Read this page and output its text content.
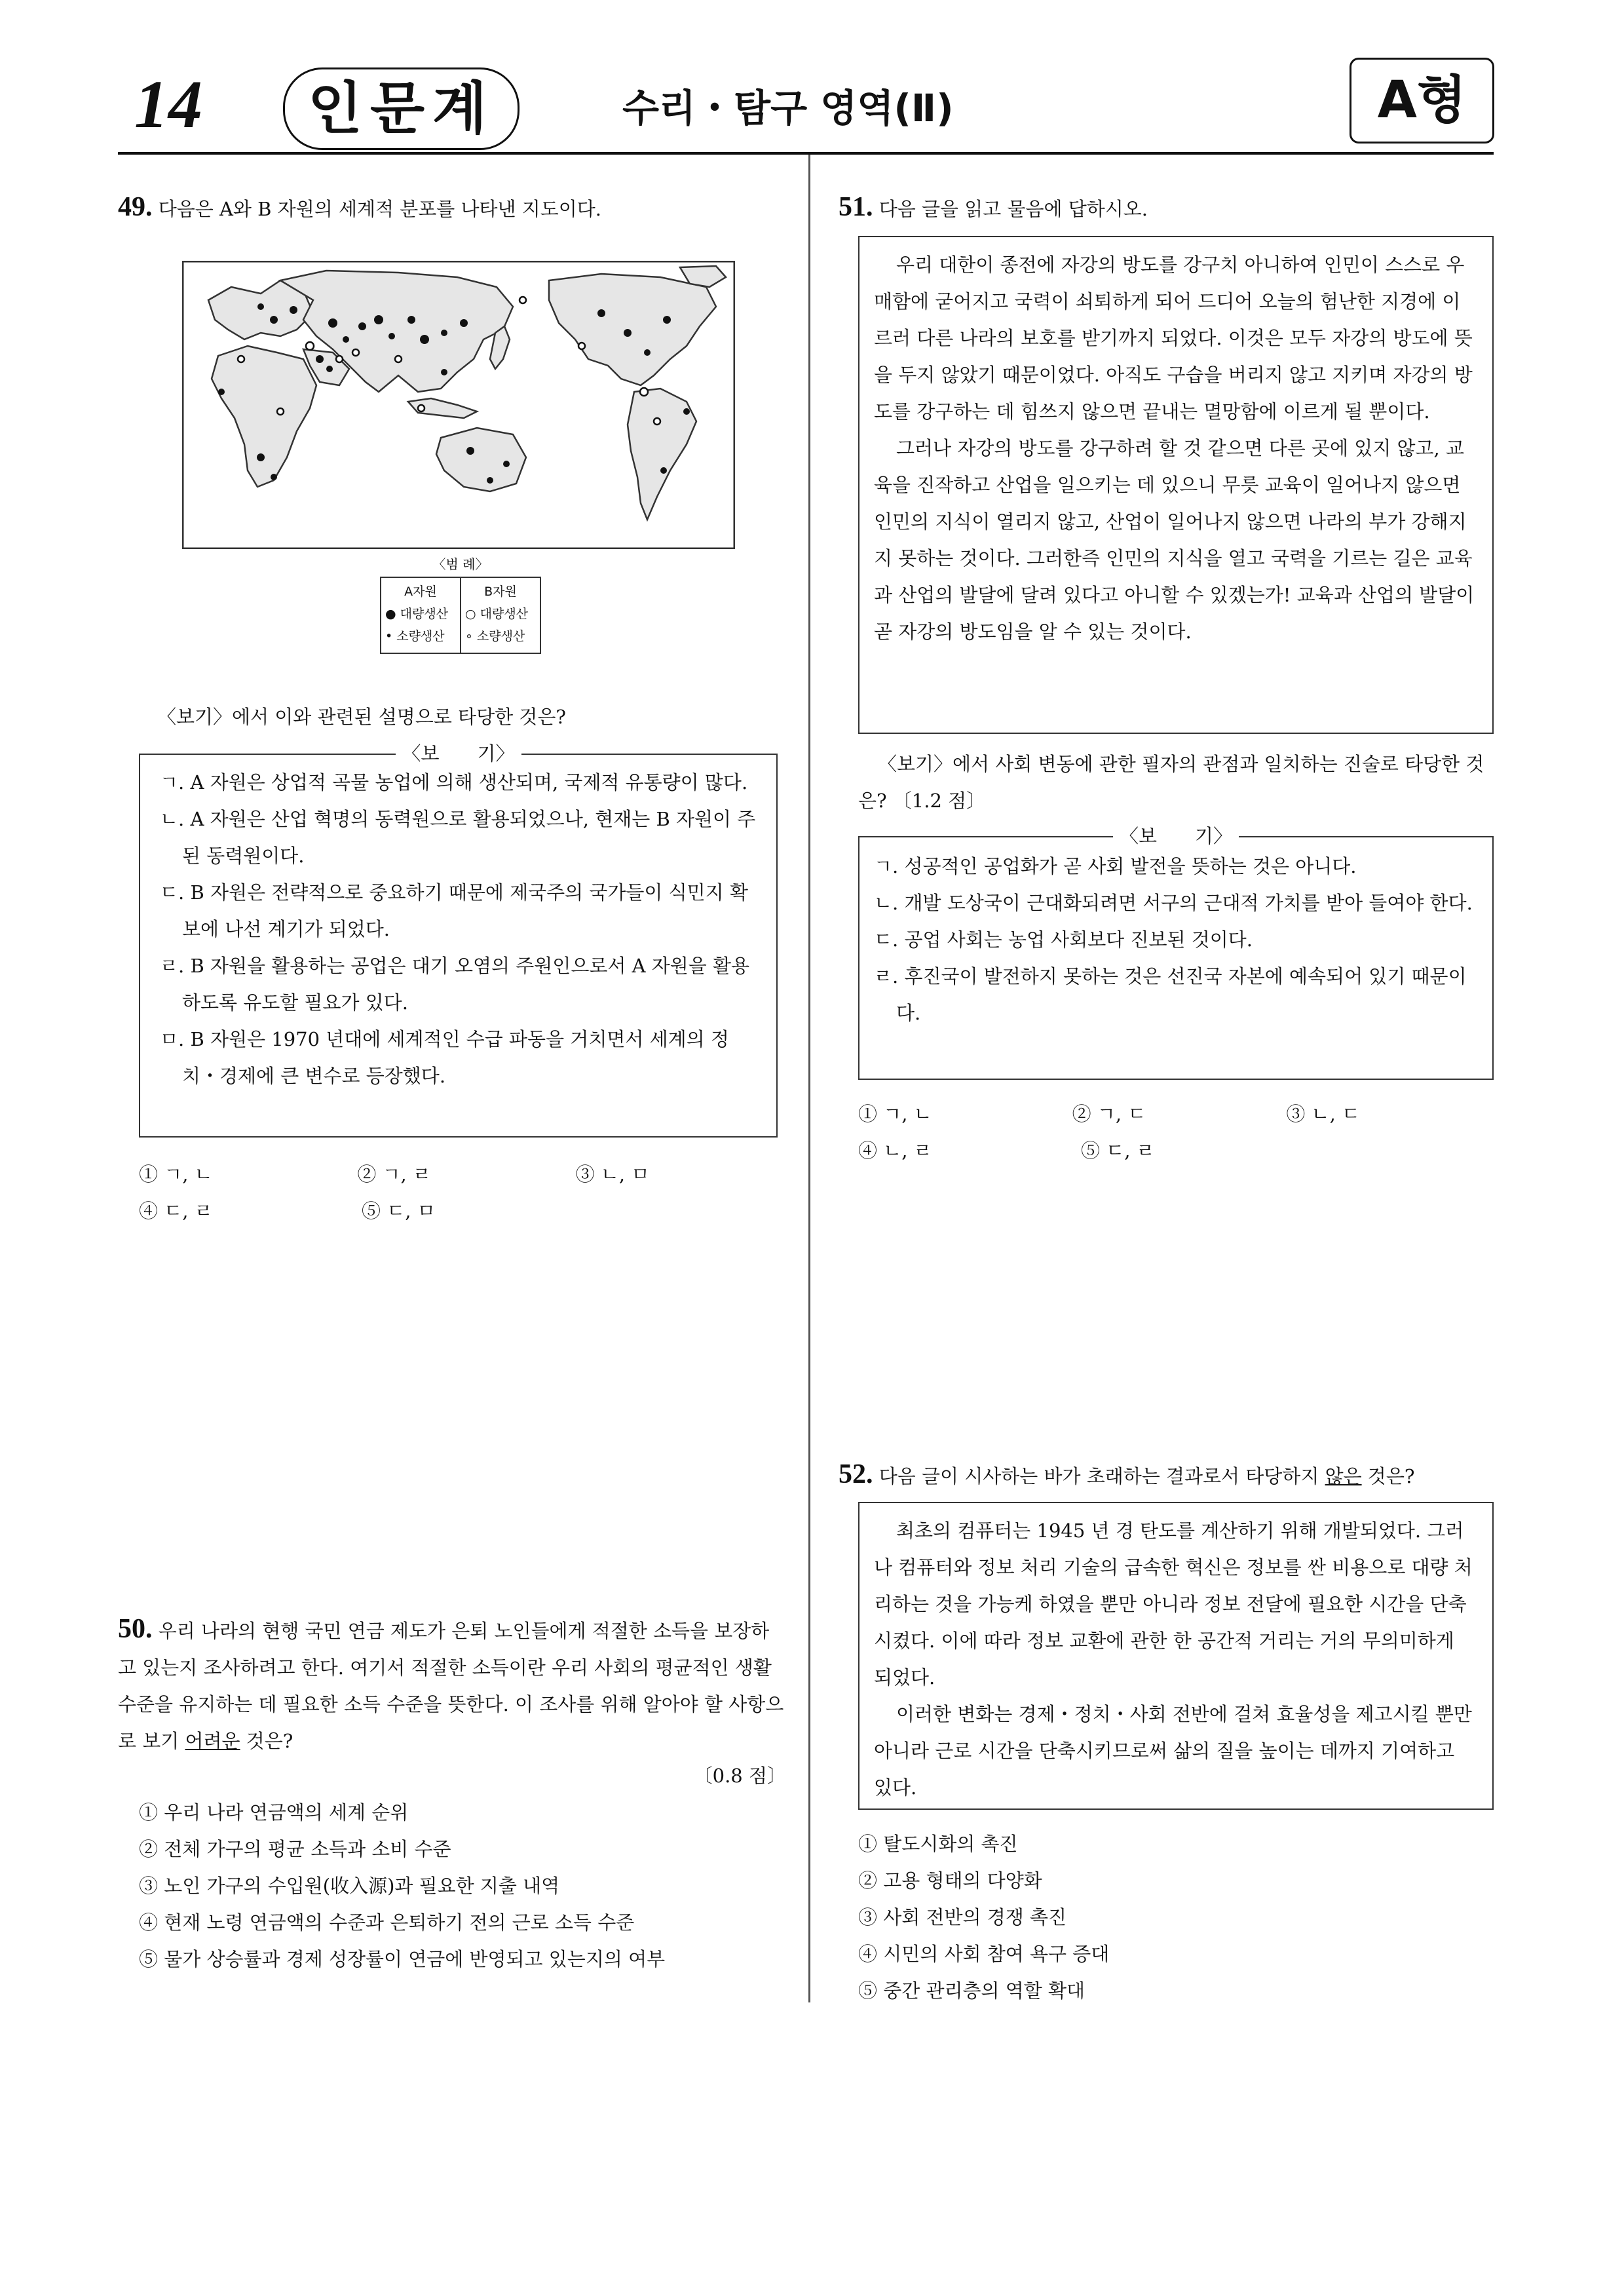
14	인문계	수리・탐구 영역(Ⅱ)	A형
49. 다음은 A와 B 자원의 세계적 분포를 나타낸 지도이다.
〈범 례〉
A자원
● 대량생산
• 소량생산
B자원
○ 대량생산
∘ 소량생산
〈보기〉에서 이와 관련된 설명으로 타당한 것은?
〈보　　기〉

ㄱ. A 자원은 상업적 곡물 농업에 의해 생산되며, 국제적 유통량이 많다.

ㄴ. A 자원은 산업 혁명의 동력원으로 활용되었으나, 현재는 B 자원이 주된 동력원이다.

ㄷ. B 자원은 전략적으로 중요하기 때문에 제국주의 국가들이 식민지 확보에 나선 계기가 되었다.

ㄹ. B 자원을 활용하는 공업은 대기 오염의 주원인으로서 A 자원을 활용하도록 유도할 필요가 있다.

ㅁ. B 자원은 1970 년대에 세계적인 수급 파동을 거치면서 세계의 정치・경제에 큰 변수로 등장했다.

① ㄱ, ㄴ	② ㄱ, ㄹ	③ ㄴ, ㅁ
④ ㄷ, ㄹ	⑤ ㄷ, ㅁ
50. 우리 나라의 현행 국민 연금 제도가 은퇴 노인들에게 적절한 소득을 보장하고 있는지 조사하려고 한다. 여기서 적절한 소득이란 우리 사회의 평균적인 생활 수준을 유지하는 데 필요한 소득 수준을 뜻한다. 이 조사를 위해 알아야 할 사항으로 보기 어려운 것은?
〔0.8 점〕
① 우리 나라 연금액의 세계 순위
② 전체 가구의 평균 소득과 소비 수준
③ 노인 가구의 수입원(收入源)과 필요한 지출 내역
④ 현재 노령 연금액의 수준과 은퇴하기 전의 근로 소득 수준
⑤ 물가 상승률과 경제 성장률이 연금에 반영되고 있는지의 여부
51. 다음 글을 읽고 물음에 답하시오.

우리 대한이 종전에 자강의 방도를 강구치 아니하여 인민이 스스로 우매함에 굳어지고 국력이 쇠퇴하게 되어 드디어 오늘의 험난한 지경에 이르러 다른 나라의 보호를 받기까지 되었다. 이것은 모두 자강의 방도에 뜻을 두지 않았기 때문이었다. 아직도 구습을 버리지 않고 지키며 자강의 방도를 강구하는 데 힘쓰지 않으면 끝내는 멸망함에 이르게 될 뿐이다.

그러나 자강의 방도를 강구하려 할 것 같으면 다른 곳에 있지 않고, 교육을 진작하고 산업을 일으키는 데 있으니 무릇 교육이 일어나지 않으면 인민의 지식이 열리지 않고, 산업이 일어나지 않으면 나라의 부가 강해지지 못하는 것이다. 그러한즉 인민의 지식을 열고 국력을 기르는 길은 교육과 산업의 발달에 달려 있다고 아니할 수 있겠는가! 교육과 산업의 발달이 곧 자강의 방도임을 알 수 있는 것이다.

〈보기〉에서 사회 변동에 관한 필자의 관점과 일치하는 진술로 타당한 것은? 〔1.2 점〕
〈보　　기〉

ㄱ. 성공적인 공업화가 곧 사회 발전을 뜻하는 것은 아니다.

ㄴ. 개발 도상국이 근대화되려면 서구의 근대적 가치를 받아 들여야 한다.

ㄷ. 공업 사회는 농업 사회보다 진보된 것이다.

ㄹ. 후진국이 발전하지 못하는 것은 선진국 자본에 예속되어 있기 때문이다.

① ㄱ, ㄴ	② ㄱ, ㄷ	③ ㄴ, ㄷ
④ ㄴ, ㄹ	⑤ ㄷ, ㄹ
52. 다음 글이 시사하는 바가 초래하는 결과로서 타당하지 않은 것은?

최초의 컴퓨터는 1945 년 경 탄도를 계산하기 위해 개발되었다. 그러나 컴퓨터와 정보 처리 기술의 급속한 혁신은 정보를 싼 비용으로 대량 처리하는 것을 가능케 하였을 뿐만 아니라 정보 전달에 필요한 시간을 단축시켰다. 이에 따라 정보 교환에 관한 한 공간적 거리는 거의 무의미하게 되었다.

이러한 변화는 경제・정치・사회 전반에 걸쳐 효율성을 제고시킬 뿐만 아니라 근로 시간을 단축시키므로써 삶의 질을 높이는 데까지 기여하고 있다.

① 탈도시화의 촉진
② 고용 형태의 다양화
③ 사회 전반의 경쟁 촉진
④ 시민의 사회 참여 욕구 증대
⑤ 중간 관리층의 역할 확대
